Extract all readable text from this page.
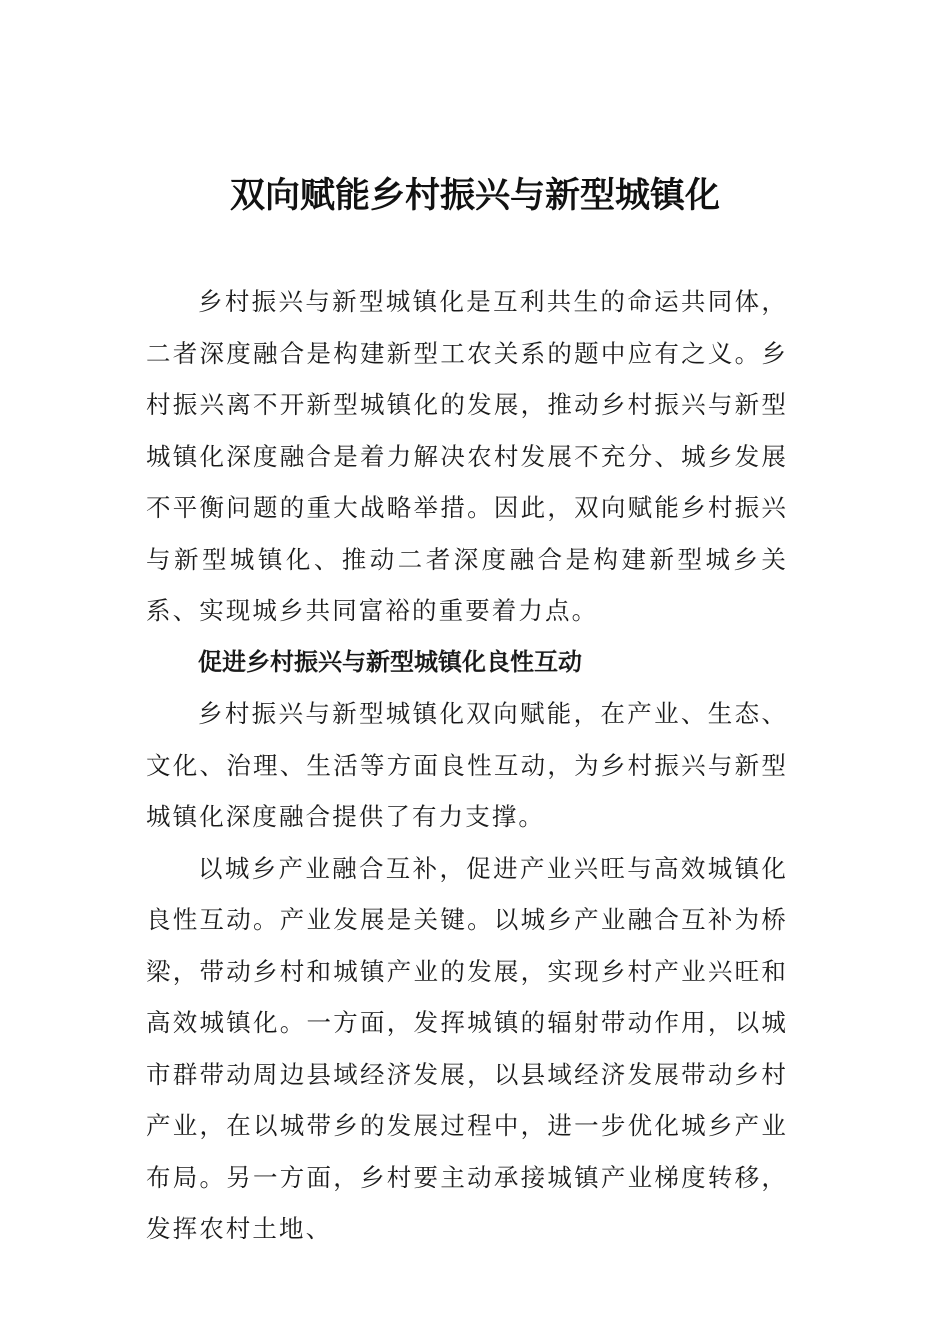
双向赋能乡村振兴与新型城镇化

乡村振兴与新型城镇化是互利共生的命运共同体，二者深度融合是构建新型工农关系的题中应有之义。乡村振兴离不开新型城镇化的发展，推动乡村振兴与新型城镇化深度融合是着力解决农村发展不充分、城乡发展不平衡问题的重大战略举措。因此，双向赋能乡村振兴与新型城镇化、推动二者深度融合是构建新型城乡关系、实现城乡共同富裕的重要着力点。

促进乡村振兴与新型城镇化良性互动

乡村振兴与新型城镇化双向赋能，在产业、生态、文化、治理、生活等方面良性互动，为乡村振兴与新型城镇化深度融合提供了有力支撑。

以城乡产业融合互补，促进产业兴旺与高效城镇化良性互动。产业发展是关键。以城乡产业融合互补为桥梁，带动乡村和城镇产业的发展，实现乡村产业兴旺和高效城镇化。一方面，发挥城镇的辐射带动作用，以城市群带动周边县域经济发展，以县域经济发展带动乡村产业，在以城带乡的发展过程中，进一步优化城乡产业布局。另一方面，乡村要主动承接城镇产业梯度转移，发挥农村土地、
